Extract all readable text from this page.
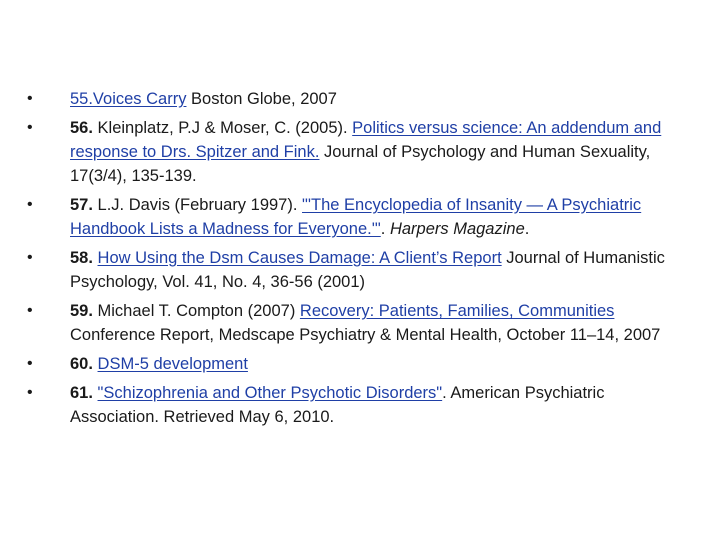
•	55.Voices Carry Boston Globe, 2007
•	56. Kleinplatz, P.J & Moser, C. (2005). Politics versus science: An addendum and response to Drs. Spitzer and Fink. Journal of Psychology and Human Sexuality, 17(3/4), 135-139.
•	57. L.J. Davis (February 1997). "'The Encyclopedia of Insanity — A Psychiatric Handbook Lists a Madness for Everyone.'". Harpers Magazine.
•	58. How Using the Dsm Causes Damage: A Client’s Report Journal of Humanistic Psychology, Vol. 41, No. 4, 36-56 (2001)
•	59. Michael T. Compton (2007) Recovery: Patients, Families, Communities Conference Report, Medscape Psychiatry & Mental Health, October 11–14, 2007
•	60. DSM-5 development
•	61. "Schizophrenia and Other Psychotic Disorders". American Psychiatric Association. Retrieved May 6, 2010.
